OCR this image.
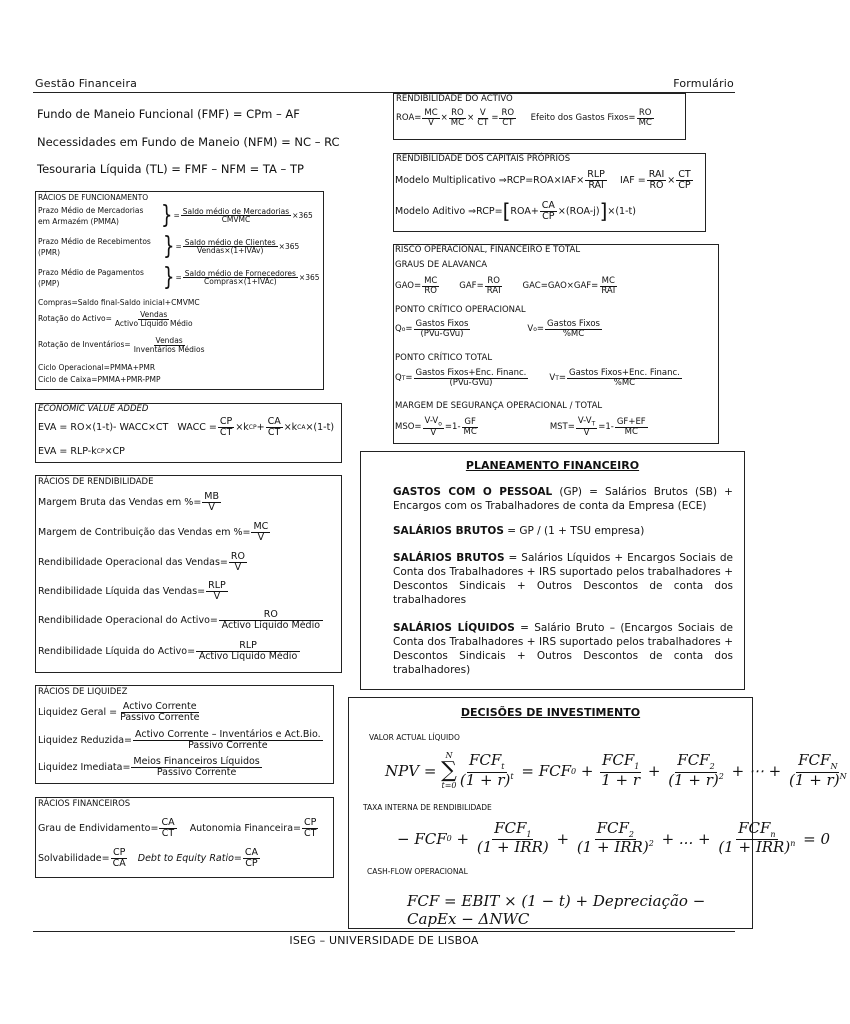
Gestão Financeira	Formulário
Fundo de Maneio Funcional (FMF) = CPm – AF
Necessidades em Fundo de Maneio (NFM) = NC – RC
Tesouraria Líquida (TL) = FMF – NFM = TA – TP
RÁCIOS DE FUNCIONAMENTO
Prazo Médio de Mercadorias
em Armazém (PMMA)	} = $\frac{\text{Saldo médio de Mercadorias}}{\text{CMVMC}} \times 365$
Prazo Médio de Recebimentos
(PMR)	} = $\frac{\text{Saldo médio de Clientes}}{\text{Vendas×(1+IVAv)}} \times 365$
Prazo Médio de Pagamentos
(PMP)	} = $\frac{\text{Saldo médio de Fornecedores}}{\text{Compras×(1+IVAc)}} \times 365$
Compras=Saldo final-Saldo inicial+CMVMC
Rotação do Activo= $\frac{\text{Vendas}}{\text{Activo Líquido Médio}}$
Rotação de Inventários= $\frac{\text{Vendas}}{\text{Inventários Médios}}$
Ciclo Operacional=PMMA+PMR
Ciclo de Caixa=PMMA+PMR-PMP
ECONOMIC VALUE ADDED
EVA = RO×(1-t)- WACC×CT
WACC = $\frac{CP}{CT} \times k$ CP + $\frac{CA}{CT} \times k$ CA ×(1-t)
EVA = RLP-k CP ×CP
RÁCIOS DE RENDIBILIDADE
Margem Bruta das Vendas em %= $\frac{MB}{V}$
Margem de Contribuição das Vendas em %= $\frac{MC}{V}$
Rendibilidade Operacional das Vendas= $\frac{RO}{V}$
Rendibilidade Líquida das Vendas= $\frac{\text{RLP}}{V}$
Rendibilidade Operacional do Activo= $\frac{RO}{\text{Activo Líquido Médio}}$
Rendibilidade Líquida do Activo= $\frac{\text{RLP}}{\text{Activo Líquido Médio}}$
RÁCIOS DE LIQUIDEZ
Liquidez Geral = $\frac{\text{Activo Corrente}}{\text{Passivo Corrente}}$
Liquidez Reduzida= $\frac{\text{Activo Corrente – Inventários e Act.Bio.}}{\text{Passivo Corrente}}$
Liquidez Imediata= $\frac{\text{Meios Financeiros Líquidos}}{\text{Passivo Corrente}}$
RÁCIOS FINANCEIROS
Grau de Endividamento= $\frac{CA}{CT}$
Autonomia Financeira= $\frac{CP}{CT}$
Solvabilidade= $\frac{CP}{CA}$
Debt to Equity Ratio= $\frac{CA}{CP}$
RENDIBILIDADE DO ACTIVO
$ROA= \frac{MC}{V} \times \frac{RO}{MC} \times \frac{V}{CT} = \frac{RO}{CT}$
Efeito dos Gastos Fixos= $\frac{RO}{MC}$
RENDIBILIDADE DOS CAPITAIS PRÓPRIOS
Modelo Multiplicativo ⇒RCP=ROA×IAF× $\frac{\text{RLP}}{\text{RAI}}$
IAF = $\frac{\text{RAI}}{RO} \times \frac{CT}{CP}$
Modelo Aditivo ⇒RCP= [ $ROA+ \frac{CA}{CP} \times(ROA-j)$ ] ×(1-t)
RISCO OPERACIONAL, FINANCEIRO E TOTAL
GRAUS DE ALAVANCA
$GAO= \frac{MC}{RO}$
$GAF= \frac{RO}{\text{RAI}}$
$GAC=GAO\times GAF= \frac{MC}{\text{RAI}}$
PONTO CRÍTICO OPERACIONAL
Q $o = \frac{\text{Gastos Fixos}}{\text{(PVu-GVu)}}$	V $o = \frac{\text{Gastos Fixos}}{\%MC}$
PONTO CRÍTICO TOTAL
Q $T = \frac{\text{Gastos Fixos+Enc. Financ.}}{\text{(PVu-GVu)}}$ V $T = \frac{\text{Gastos Fixos+Enc. Financ.}}{\%MC}$
MARGEM DE SEGURANÇA OPERACIONAL / TOTAL
$MSO= \frac{V-V_o}{V} =1- \frac{GF}{MC}$	$MST= \frac{V-V_T}{V} =1- \frac{GF+EF}{MC}$
PLANEAMENTO FINANCEIRO
GASTOS COM O PESSOAL (GP) = Salários Brutos (SB) + Encargos com os Trabalhadores de conta da Empresa (ECE)
SALÁRIOS BRUTOS = GP / (1 + TSU empresa)
SALÁRIOS BRUTOS = Salários Líquidos + Encargos Sociais de Conta dos Trabalhadores + IRS suportado pelos trabalhadores + Descontos Sindicais + Outros Descontos de conta dos trabalhadores
SALÁRIOS LÍQUIDOS = Salário Bruto – (Encargos Sociais de Conta dos Trabalhadores + IRS suportado pelos trabalhadores + Descontos Sindicais + Outros Descontos de conta dos trabalhadores)
DECISÕES DE INVESTIMENTO
VALOR ACTUAL LÍQUIDO
NPV =
N
∑
$t=0 \frac{FCF_t}{(1 + r)^t}$ = FCF $0 + \frac{FCF_1}{1 + r} + \frac{FCF_2}{(1 + r)^2}$ + ⋯ + $\frac{FCF_N}{(1 + r)^N}$
TAXA INTERNA DE RENDIBILIDADE
− FCF $0 + \frac{FCF_1}{\text{(1 + IRR)}} + \frac{FCF_2}{(1 + IRR)^2}$ + ... + $\frac{FCF_n}{(1 + IRR)^n} = 0$
CASH-FLOW OPERACIONAL
FCF = EBIT × (1 − t) + Depreciação − CapEx − ΔNWC
ISEG – UNIVERSIDADE DE LISBOA
